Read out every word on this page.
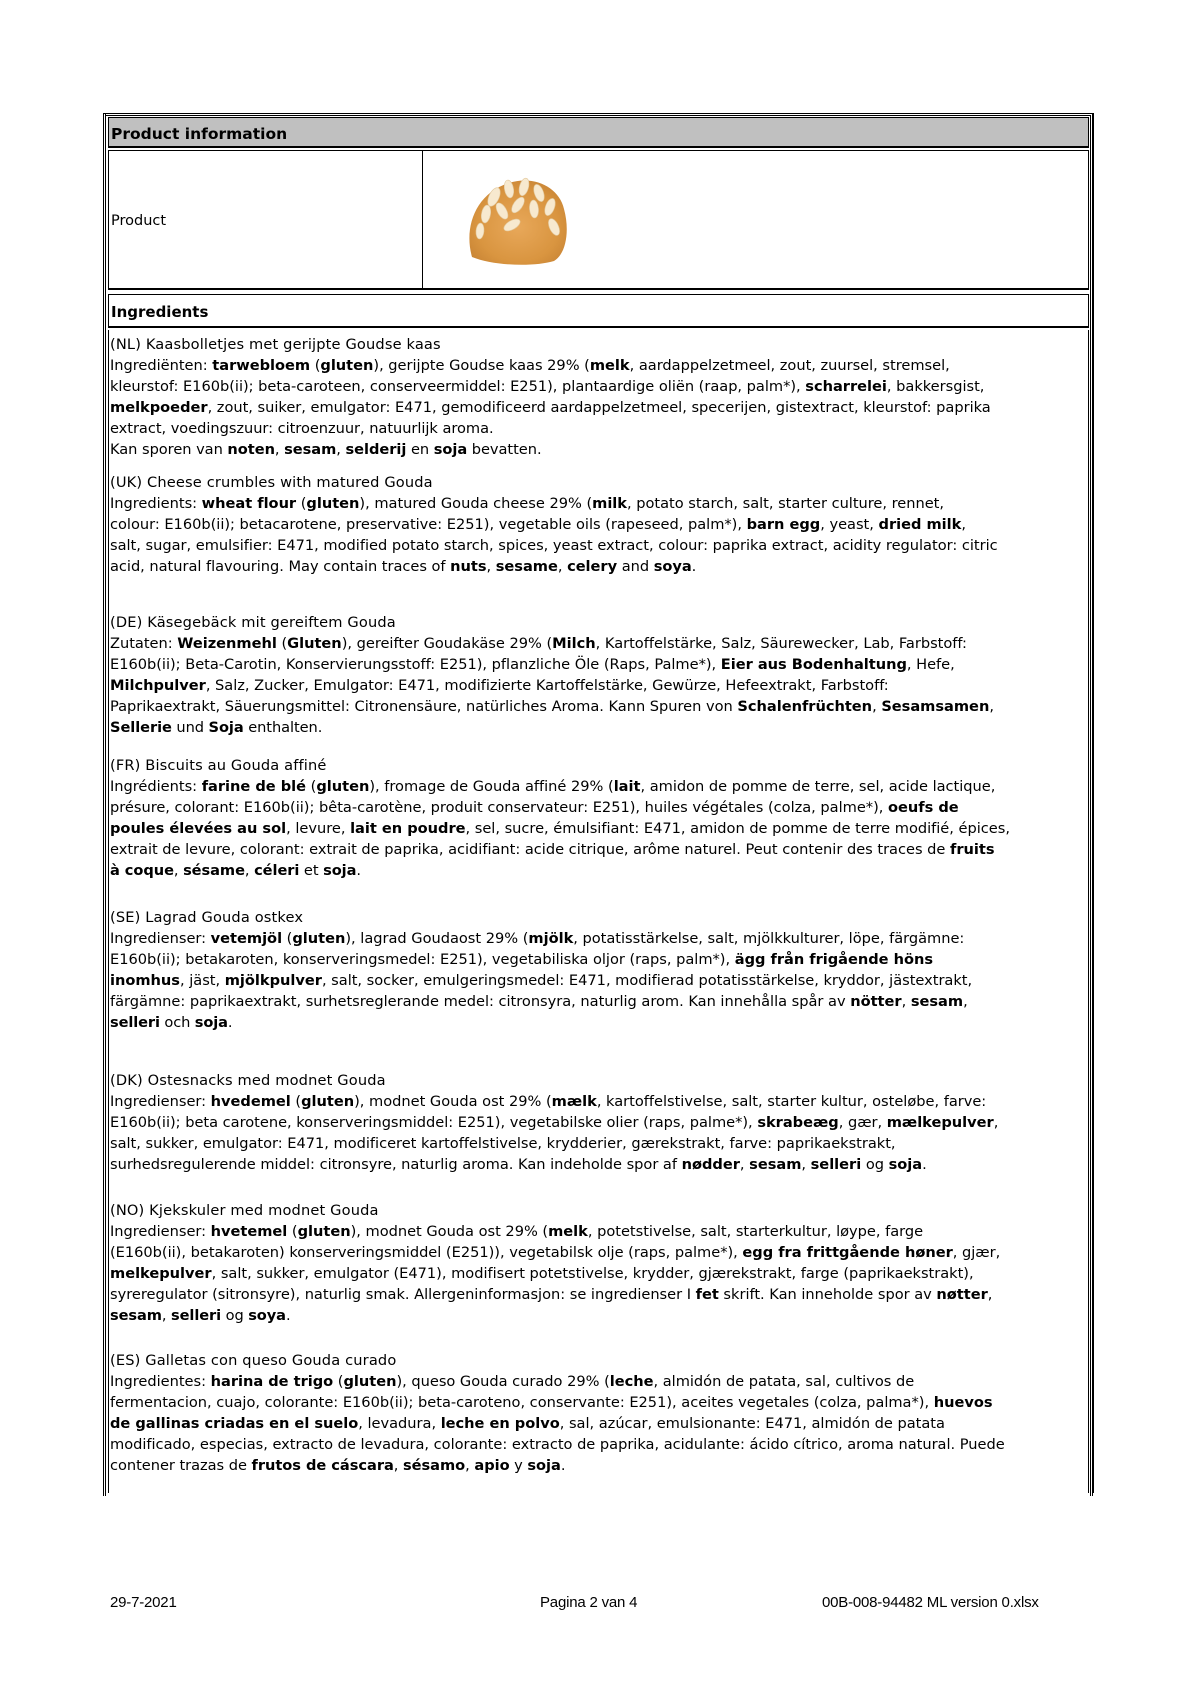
Product information
Product
Ingredients
(NL) Kaasbolletjes met gerijpte Goudse kaas
Ingrediënten: tarwebloem (gluten), gerijpte Goudse kaas 29% (melk, aardappelzetmeel, zout, zuursel, stremsel,
kleurstof: E160b(ii); beta-caroteen, conserveermiddel: E251), plantaardige oliën (raap, palm*), scharrelei, bakkersgist,
melkpoeder, zout, suiker, emulgator: E471, gemodificeerd aardappelzetmeel, specerijen, gistextract, kleurstof: paprika
extract, voedingszuur: citroenzuur, natuurlijk aroma.
Kan sporen van noten, sesam, selderij en soja bevatten.
(UK) Cheese crumbles with matured Gouda
Ingredients: wheat flour (gluten), matured Gouda cheese 29% (milk, potato starch, salt, starter culture, rennet,
colour: E160b(ii); betacarotene, preservative: E251), vegetable oils (rapeseed, palm*), barn egg, yeast, dried milk,
salt, sugar, emulsifier: E471, modified potato starch, spices, yeast extract, colour: paprika extract, acidity regulator: citric
acid, natural flavouring. May contain traces of nuts, sesame, celery and soya.
(DE) Käsegebäck mit gereiftem Gouda
Zutaten: Weizenmehl (Gluten), gereifter Goudakäse 29% (Milch, Kartoffelstärke, Salz, Säurewecker, Lab, Farbstoff:
E160b(ii); Beta-Carotin, Konservierungsstoff: E251), pflanzliche Öle (Raps, Palme*), Eier aus Bodenhaltung, Hefe,
Milchpulver, Salz, Zucker, Emulgator: E471, modifizierte Kartoffelstärke, Gewürze, Hefeextrakt, Farbstoff:
Paprikaextrakt, Säuerungsmittel: Citronensäure, natürliches Aroma. Kann Spuren von Schalenfrüchten, Sesamsamen,
Sellerie und Soja enthalten.
(FR) Biscuits au Gouda affiné
Ingrédients: farine de blé (gluten), fromage de Gouda affiné 29% (lait, amidon de pomme de terre, sel, acide lactique,
présure, colorant: E160b(ii); bêta-carotène, produit conservateur: E251), huiles végétales (colza, palme*), oeufs de
poules élevées au sol, levure, lait en poudre, sel, sucre, émulsifiant: E471, amidon de pomme de terre modifié, épices,
extrait de levure, colorant: extrait de paprika, acidifiant: acide citrique, arôme naturel. Peut contenir des traces de fruits
à coque, sésame, céleri et soja.
(SE) Lagrad Gouda ostkex
Ingredienser: vetemjöl (gluten), lagrad Goudaost 29% (mjölk, potatisstärkelse, salt, mjölkkulturer, löpe, färgämne:
E160b(ii); betakaroten, konserveringsmedel: E251), vegetabiliska oljor (raps, palm*), ägg från frigående höns
inomhus, jäst, mjölkpulver, salt, socker, emulgeringsmedel: E471, modifierad potatisstärkelse, kryddor, jästextrakt,
färgämne: paprikaextrakt, surhetsreglerande medel: citronsyra, naturlig arom. Kan innehålla spår av nötter, sesam,
selleri och soja.
(DK) Ostesnacks med modnet Gouda
Ingredienser: hvedemel (gluten), modnet Gouda ost 29% (mælk, kartoffelstivelse, salt, starter kultur, osteløbe, farve:
E160b(ii); beta carotene, konserveringsmiddel: E251), vegetabilske olier (raps, palme*), skrabeæg, gær, mælkepulver,
salt, sukker, emulgator: E471, modificeret kartoffelstivelse, krydderier, gærekstrakt, farve: paprikaekstrakt,
surhedsregulerende middel: citronsyre, naturlig aroma. Kan indeholde spor af nødder, sesam, selleri og soja.
(NO) Kjekskuler med modnet Gouda
Ingredienser: hvetemel (gluten), modnet Gouda ost 29% (melk, potetstivelse, salt, starterkultur, løype, farge
(E160b(ii), betakaroten) konserveringsmiddel (E251)), vegetabilsk olje (raps, palme*), egg fra frittgående høner, gjær,
melkepulver, salt, sukker, emulgator (E471), modifisert potetstivelse, krydder, gjærekstrakt, farge (paprikaekstrakt),
syreregulator (sitronsyre), naturlig smak. Allergeninformasjon: se ingredienser I fet skrift. Kan inneholde spor av nøtter,
sesam, selleri og soya.
(ES) Galletas con queso Gouda curado
Ingredientes: harina de trigo (gluten), queso Gouda curado 29% (leche, almidón de patata, sal, cultivos de
fermentacion, cuajo, colorante: E160b(ii); beta-caroteno, conservante: E251), aceites vegetales (colza, palma*), huevos
de gallinas criadas en el suelo, levadura, leche en polvo, sal, azúcar, emulsionante: E471, almidón de patata
modificado, especias, extracto de levadura, colorante: extracto de paprika, acidulante: ácido cítrico, aroma natural. Puede
contener trazas de frutos de cáscara, sésamo, apio y soja.
29-7-2021	Pagina 2 van 4	00B-008-94482 ML version 0.xlsx
